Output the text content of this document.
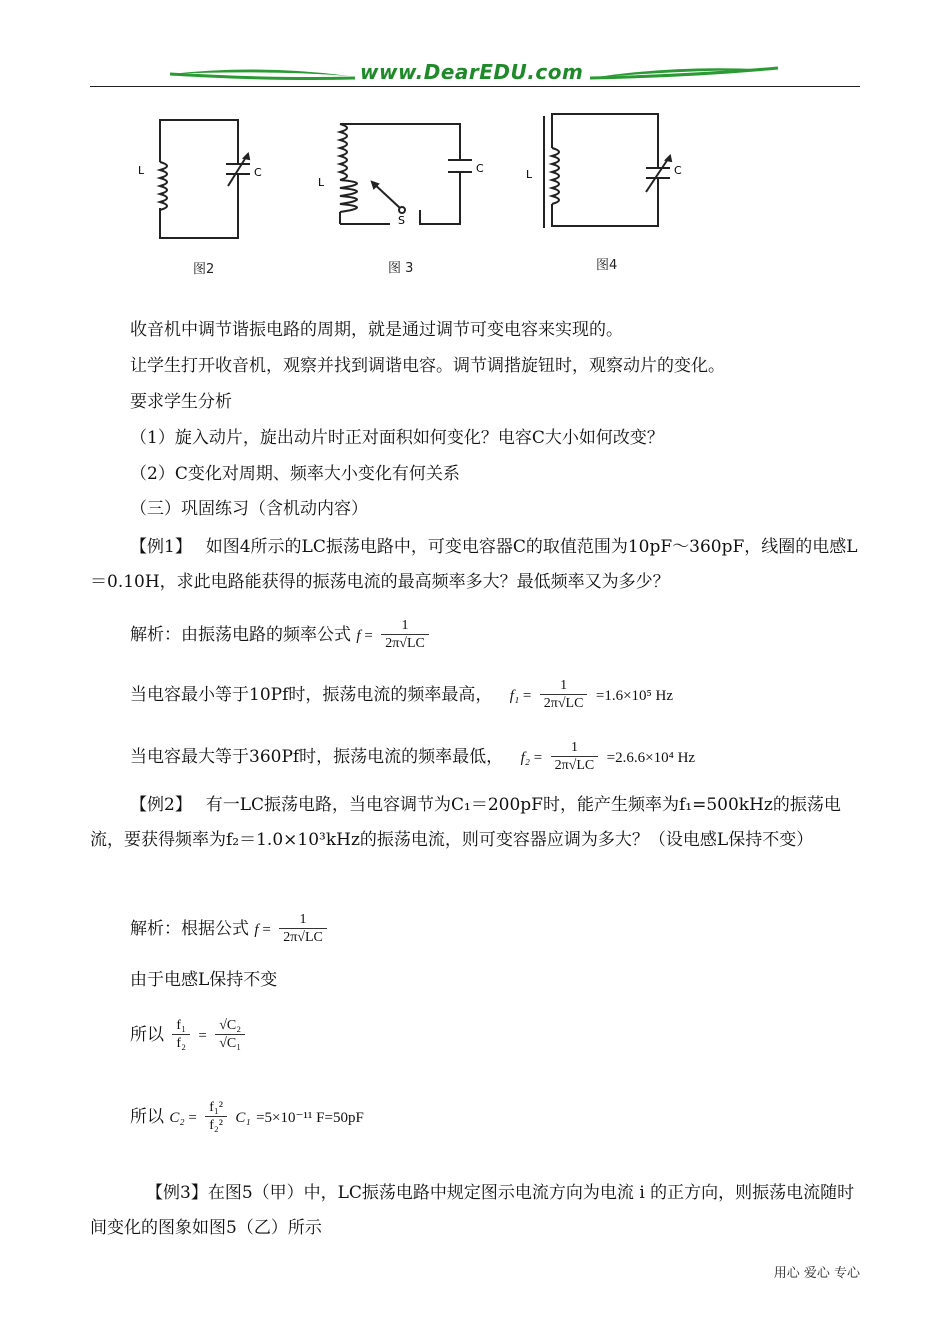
www.DearEDU.com
L	C
图2
L
C
S
图 3
L	C
图4
收音机中调节谐振电路的周期，就是通过调节可变电容来实现的。
让学生打开收音机，观察并找到调谐电容。调节调揩旋钮时，观察动片的变化。
要求学生分析
（1）旋入动片，旋出动片时正对面积如何变化？电容C大小如何改变？
（2）C变化对周期、频率大小变化有何关系
（三）巩固练习（含机动内容）
【例1】　 如图4所示的LC振荡电路中，可变电容器C的取值范围为10pF～360pF，线圈的电感L＝0.10H，求此电路能获得的振荡电流的最高频率多大？最低频率又为多少？
解析：由振荡电路的频率公式 $f = \frac{1}{2\pi√LC}$
当电容最小等于10Pf时，振荡电流的频率最高， $f_1 = \frac{1}{2\pi√LC} =1.6\times 10^5$ Hz
当电容最大等于360Pf时，振荡电流的频率最低， $f_2 = \frac{1}{2\pi√LC} =2.6.6\times 10^4$ Hz
【例2】　 有一LC振荡电路，当电容调节为C₁＝200pF时，能产生频率为f₁=500kHz的振荡电流，要获得频率为f₂＝1.0×10³kHz的振荡电流，则可变容器应调为多大？（设电感L保持不变）
解析：根据公式 $f = \frac{1}{2\pi√LC}$
由于电感L保持不变
所以 $\frac{\text{f₁}}{\text{f₂}} = \frac{\text{√C₂}}{\text{√C₁}}$
所以 $C_2 = \frac{\text{f₁²}}{\text{f₂²}} C_1 =5\times 10^{-11}$ F=50pF
【例3】在图5（甲）中，LC振荡电路中规定图示电流方向为电流 i 的正方向，则振荡电流随时间变化的图象如图5（乙）所示
用心 爱心 专心
